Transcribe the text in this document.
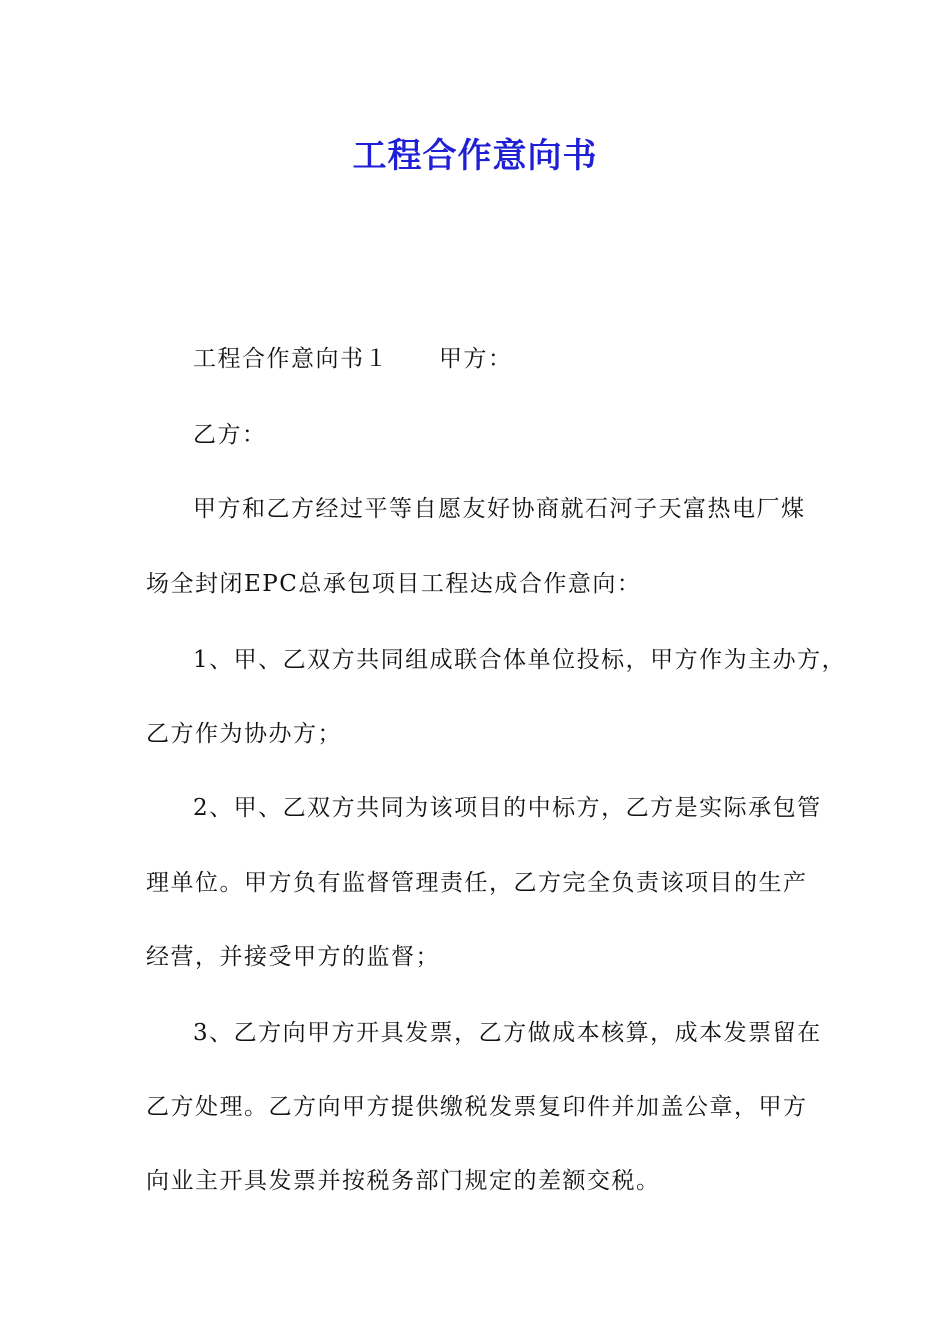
工程合作意向书
工程合作意向书１ 甲方：
乙方：
甲方和乙方经过平等自愿友好协商就石河子天富热电厂煤
场全封闭EPC总承包项目工程达成合作意向：
1、甲、乙双方共同组成联合体单位投标，甲方作为主办方，
乙方作为协办方；
2、甲、乙双方共同为该项目的中标方，乙方是实际承包管
理单位。甲方负有监督管理责任，乙方完全负责该项目的生产
经营，并接受甲方的监督；
3、乙方向甲方开具发票，乙方做成本核算，成本发票留在
乙方处理。乙方向甲方提供缴税发票复印件并加盖公章，甲方
向业主开具发票并按税务部门规定的差额交税。
